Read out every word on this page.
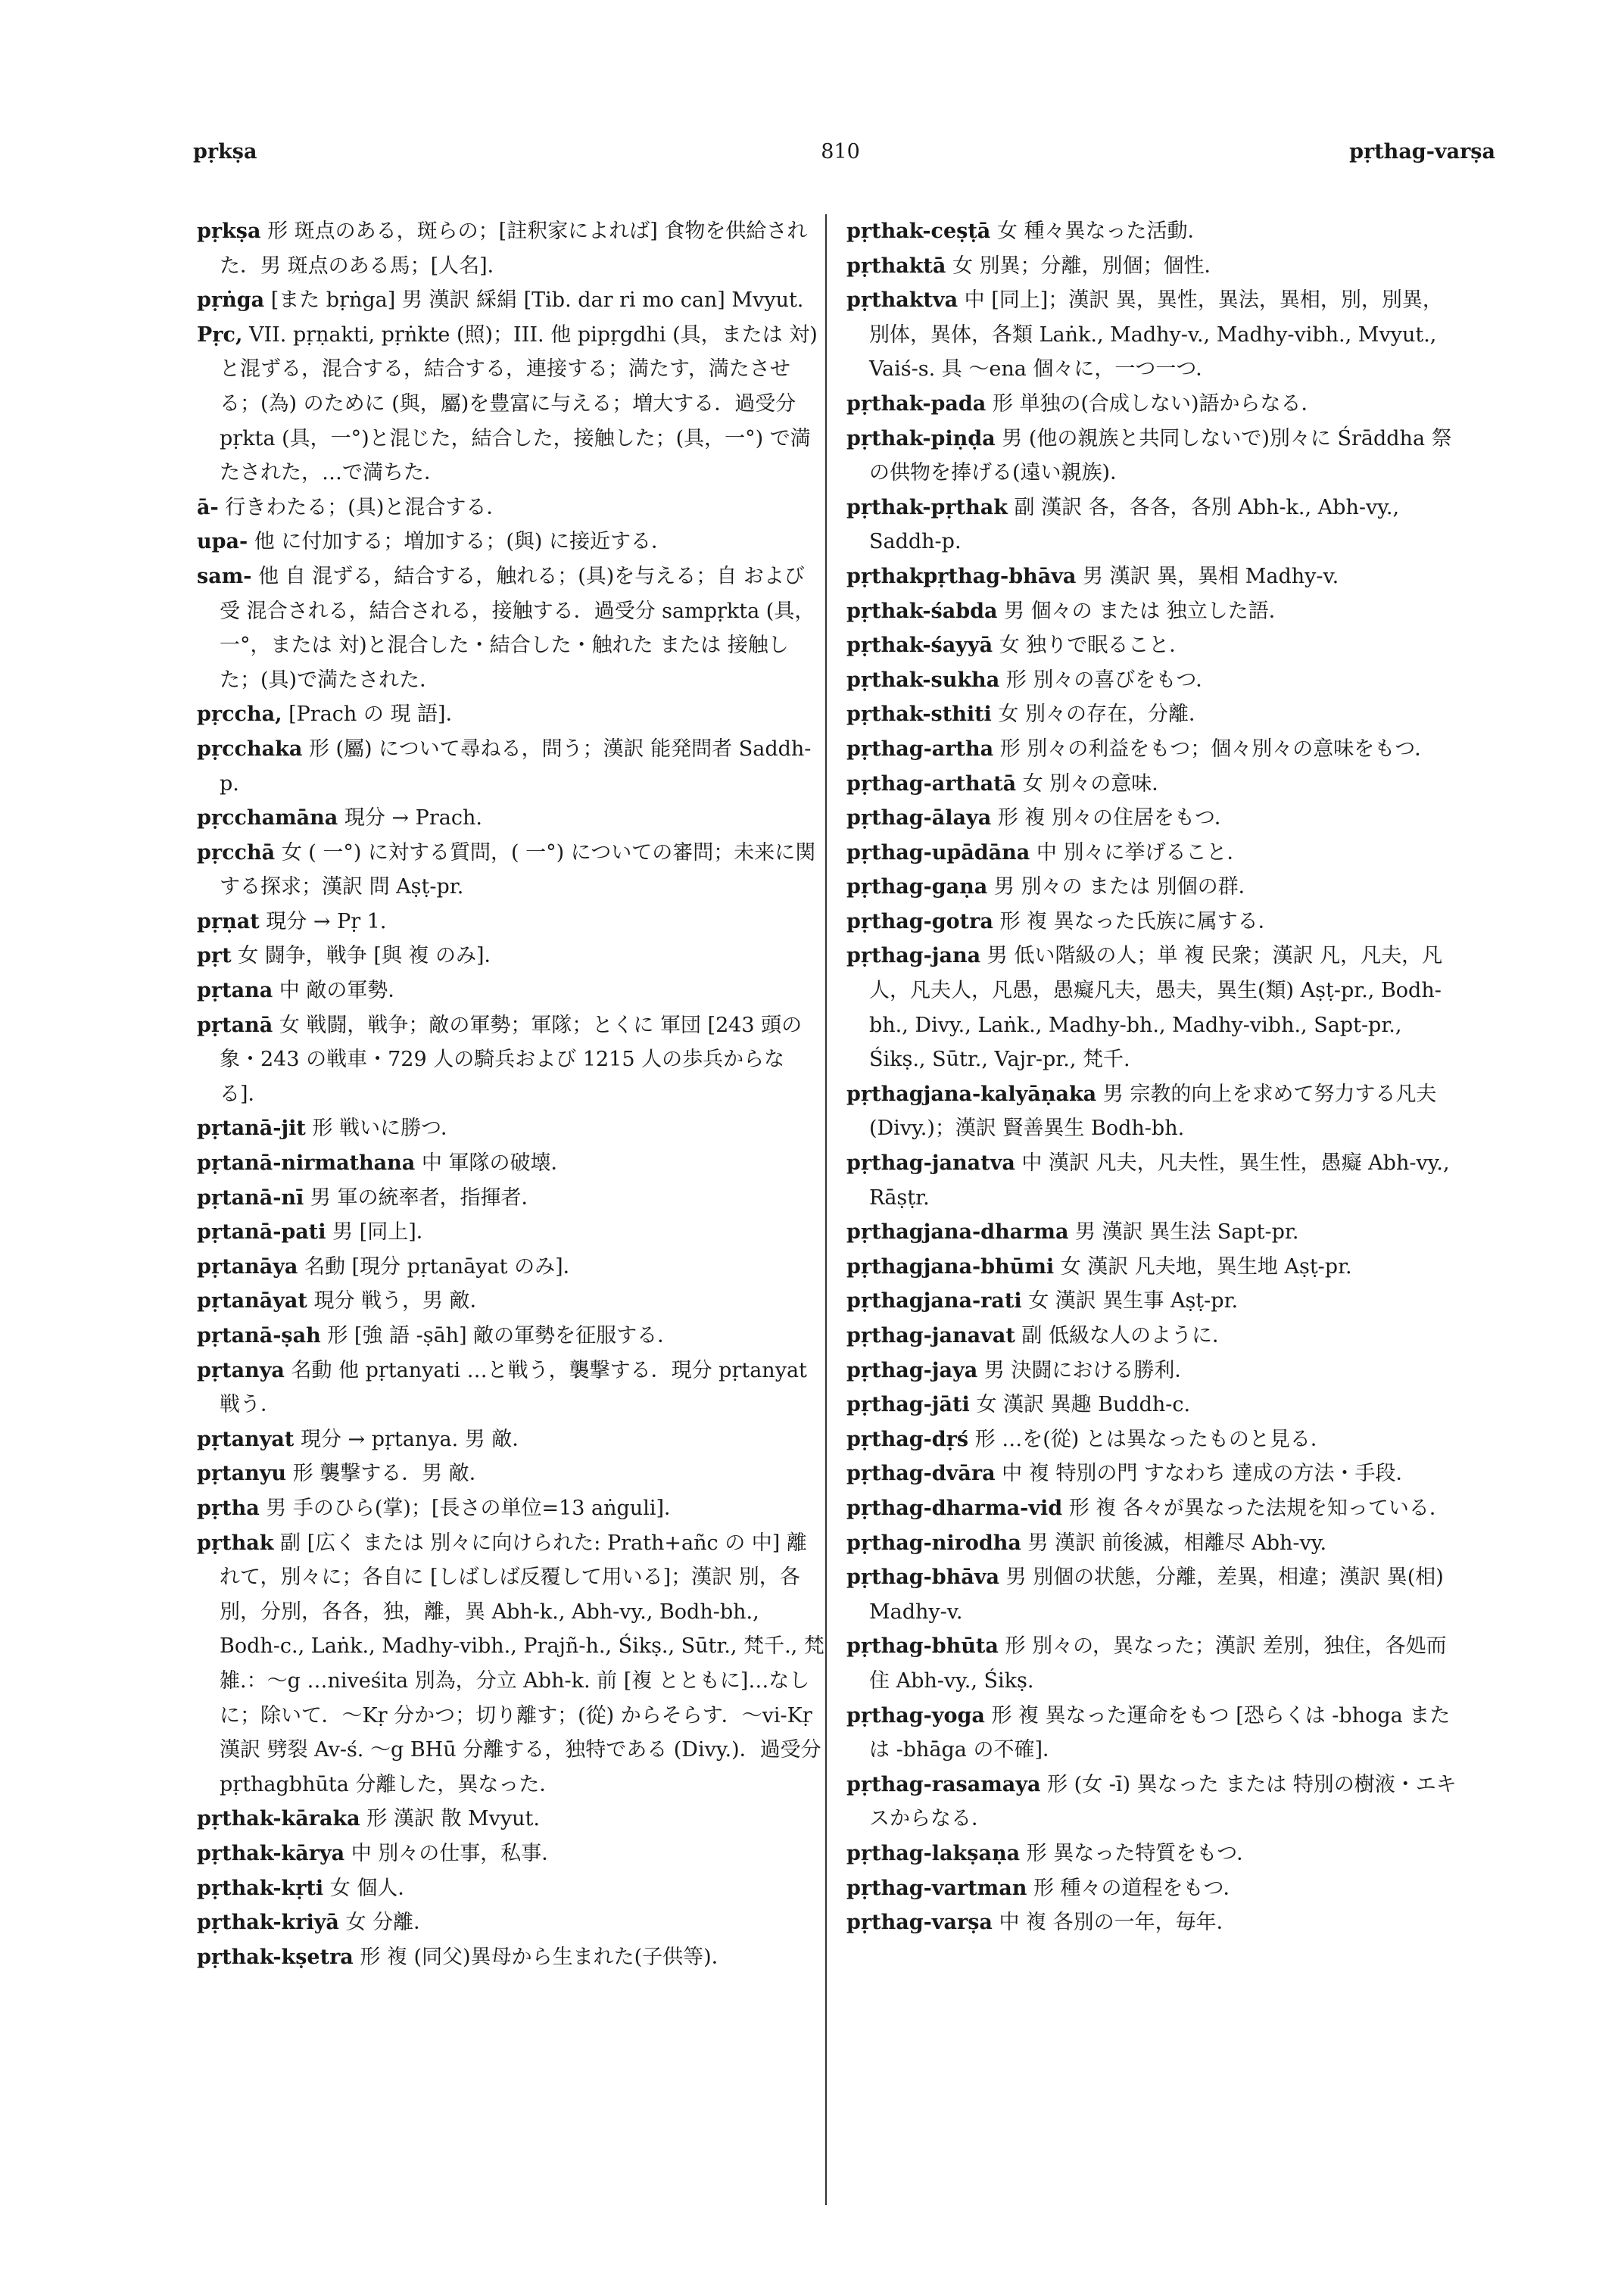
pṛkṣa	810	pṛthag-varṣa

pṛkṣa 形 斑点のある，斑らの；[註釈家によれば] 食物を供給された．男 斑点のある馬；[人名]．

pṛṅga [また bṛṅga] 男 漢訳 綵絹 [Tib. dar ri mo can] Mvyut.

Pṛc, VII. pṛṇakti, pṛṅkte (照)；III. 他 pipṛgdhi (具，または 対) と混ずる，混合する，結合する，連接する；満たす，満たさせる；(為) のために (與，屬)を豊富に与える；増大する．過受分 pṛkta (具，一°)と混じた，結合した，接触した；(具，一°) で満たされた，…で満ちた．

ā- 行きわたる；(具)と混合する．

upa- 他 に付加する；増加する；(與) に接近する．

sam- 他 自 混ずる，結合する，触れる；(具)を与える；自 および 受 混合される，結合される，接触する．過受分 sampṛkta (具，一°，または 対)と混合した・結合した・触れた または 接触した；(具)で満たされた．

pṛccha, [Prach の 現 語]．

pṛcchaka 形 (屬) について尋ねる，問う；漢訳 能発問者 Saddh-p.

pṛcchamāna 現分 → Prach.

pṛcchā 女 ( 一°) に対する質問，( 一°) についての審問；未来に関する探求；漢訳 問 Aṣṭ-pr.

pṛṇat 現分 → Pṛ 1.

pṛt 女 闘争，戦争 [與 複 のみ]．

pṛtana 中 敵の軍勢．

pṛtanā 女 戦闘，戦争；敵の軍勢；軍隊；とくに 軍団 [243 頭の象・243 の戦車・729 人の騎兵および 1215 人の歩兵からなる]．

pṛtanā-jit 形 戦いに勝つ．

pṛtanā-nirmathana 中 軍隊の破壊．

pṛtanā-nī 男 軍の統率者，指揮者．

pṛtanā-pati 男 [同上]．

pṛtanāya 名動 [現分 pṛtanāyat のみ]．

pṛtanāyat 現分 戦う，男 敵．

pṛtanā-ṣah 形 [強 語 -ṣāh] 敵の軍勢を征服する．

pṛtanya 名動 他 pṛtanyati …と戦う，襲撃する．現分 pṛtanyat 戦う．

pṛtanyat 現分 → pṛtanya. 男 敵．

pṛtanyu 形 襲撃する．男 敵．

pṛtha 男 手のひら(掌)；[長さの単位=13 aṅguli]．

pṛthak 副 [広く または 別々に向けられた: Prath+añc の 中] 離れて，別々に；各自に [しばしば反覆して用いる]；漢訳 別，各別，分別，各各，独，離，異 Abh-k., Abh-vy., Bodh-bh., Bodh-c., Laṅk., Madhy-vibh., Prajñ-h., Śikṣ., Sūtr., 梵千., 梵雑.：～g …niveśita 別為，分立 Abh-k. 前 [複 とともに]…なしに；除いて．～Kṛ 分かつ；切り離す；(從) からそらす．～vi-Kṛ 漢訳 劈裂 Av-ś. ～g BHū 分離する，独特である (Divy.)．過受分 pṛthagbhūta 分離した，異なった．

pṛthak-kāraka 形 漢訳 散 Mvyut.

pṛthak-kārya 中 別々の仕事，私事．

pṛthak-kṛti 女 個人．

pṛthak-kriyā 女 分離．

pṛthak-kṣetra 形 複 (同父)異母から生まれた(子供等)．

pṛthak-ceṣṭā 女 種々異なった活動．

pṛthaktā 女 別異；分離，別個；個性．

pṛthaktva 中 [同上]；漢訳 異，異性，異法，異相，別，別異，別体，異体，各類 Laṅk., Madhy-v., Madhy-vibh., Mvyut., Vaiś-s. 具 ～ena 個々に，一つ一つ．

pṛthak-pada 形 単独の(合成しない)語からなる．

pṛthak-piṇḍa 男 (他の親族と共同しないで)別々に Śrāddha 祭の供物を捧げる(遠い親族)．

pṛthak-pṛthak 副 漢訳 各，各各，各別 Abh-k., Abh-vy., Saddh-p.

pṛthakpṛthag-bhāva 男 漢訳 異，異相 Madhy-v.

pṛthak-śabda 男 個々の または 独立した語．

pṛthak-śayyā 女 独りで眠ること．

pṛthak-sukha 形 別々の喜びをもつ．

pṛthak-sthiti 女 別々の存在，分離．

pṛthag-artha 形 別々の利益をもつ；個々別々の意味をもつ．

pṛthag-arthatā 女 別々の意味．

pṛthag-ālaya 形 複 別々の住居をもつ．

pṛthag-upādāna 中 別々に挙げること．

pṛthag-gaṇa 男 別々の または 別個の群．

pṛthag-gotra 形 複 異なった氏族に属する．

pṛthag-jana 男 低い階級の人；単 複 民衆；漢訳 凡，凡夫，凡人，凡夫人，凡愚，愚癡凡夫，愚夫，異生(類) Aṣṭ-pr., Bodh-bh., Divy., Laṅk., Madhy-bh., Madhy-vibh., Sapt-pr., Śikṣ., Sūtr., Vajr-pr., 梵千.

pṛthagjana-kalyāṇaka 男 宗教的向上を求めて努力する凡夫 (Divy.)；漢訳 賢善異生 Bodh-bh.

pṛthag-janatva 中 漢訳 凡夫，凡夫性，異生性，愚癡 Abh-vy., Rāṣṭr.

pṛthagjana-dharma 男 漢訳 異生法 Sapt-pr.

pṛthagjana-bhūmi 女 漢訳 凡夫地，異生地 Aṣṭ-pr.

pṛthagjana-rati 女 漢訳 異生事 Aṣṭ-pr.

pṛthag-janavat 副 低級な人のように．

pṛthag-jaya 男 決闘における勝利．

pṛthag-jāti 女 漢訳 異趣 Buddh-c.

pṛthag-dṛś 形 …を(從) とは異なったものと見る．

pṛthag-dvāra 中 複 特別の門 すなわち 達成の方法・手段．

pṛthag-dharma-vid 形 複 各々が異なった法規を知っている．

pṛthag-nirodha 男 漢訳 前後滅，相離尽 Abh-vy.

pṛthag-bhāva 男 別個の状態，分離，差異，相違；漢訳 異(相) Madhy-v.

pṛthag-bhūta 形 別々の，異なった；漢訳 差別，独住，各処而住 Abh-vy., Śikṣ.

pṛthag-yoga 形 複 異なった運命をもつ [恐らくは -bhoga または -bhāga の不確]．

pṛthag-rasamaya 形 (女 -ī) 異なった または 特別の樹液・エキスからなる．

pṛthag-lakṣaṇa 形 異なった特質をもつ．

pṛthag-vartman 形 種々の道程をもつ．

pṛthag-varṣa 中 複 各別の一年，毎年．
